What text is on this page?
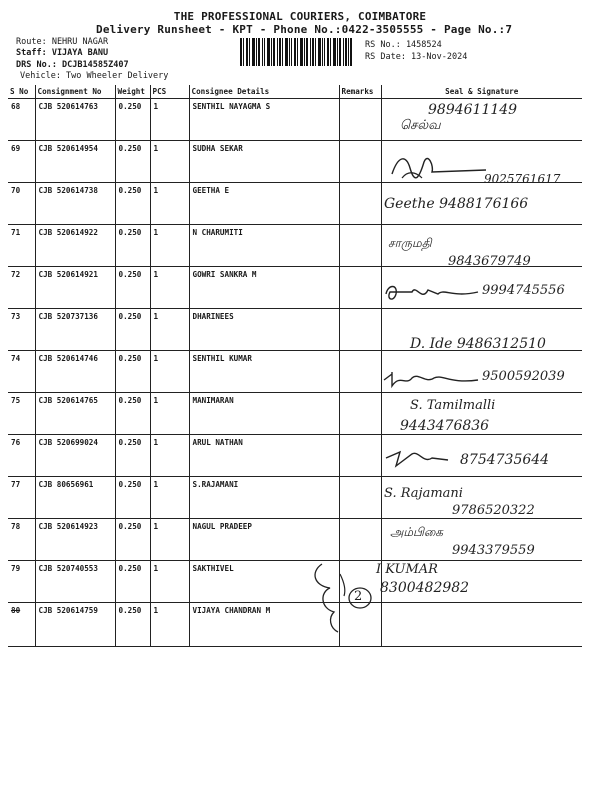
THE PROFESSIONAL COURIERS, COIMBATORE
Delivery Runsheet - KPT - Phone No.:0422-3505555 - Page No.:7
Route: NEHRU NAGAR
Staff: VIJAYA BANU
DRS No.: DCJB14585Z407
Vehicle: Two Wheeler Delivery
RS No.: 1458524
RS Date: 13-Nov-2024
S No	Consignment No	Weight	PCS	Consignee Details	Remarks	Seal & Signature
68	CJB 520614763	0.250	1	SENTHIL NAYAGMA S		
69	CJB 520614954	0.250	1	SUDHA SEKAR		
70	CJB 520614738	0.250	1	GEETHA E		
71	CJB 520614922	0.250	1	N CHARUMITI		
72	CJB 520614921	0.250	1	GOWRI SANKRA M		
73	CJB 520737136	0.250	1	DHARINEES		
74	CJB 520614746	0.250	1	SENTHIL KUMAR		
75	CJB 520614765	0.250	1	MANIMARAN		
76	CJB 520699024	0.250	1	ARUL NATHAN		
77	CJB 80656961	0.250	1	S.RAJAMANI		
78	CJB 520614923	0.250	1	NAGUL PRADEEP		
79	CJB 520740553	0.250	1	SAKTHIVEL		
80	CJB 520614759	0.250	1	VIJAYA CHANDRAN M		
9894611149
செல்வ
9025761617
Geethe 9488176166
சாருமதி
9843679749
9994745556
D. Ide 9486312510
9500592039
S. Tamilmalli
9443476836
8754735644
S. Rajamani
9786520322
அம்பிகை
9943379559
2
I KUMAR
8300482982
